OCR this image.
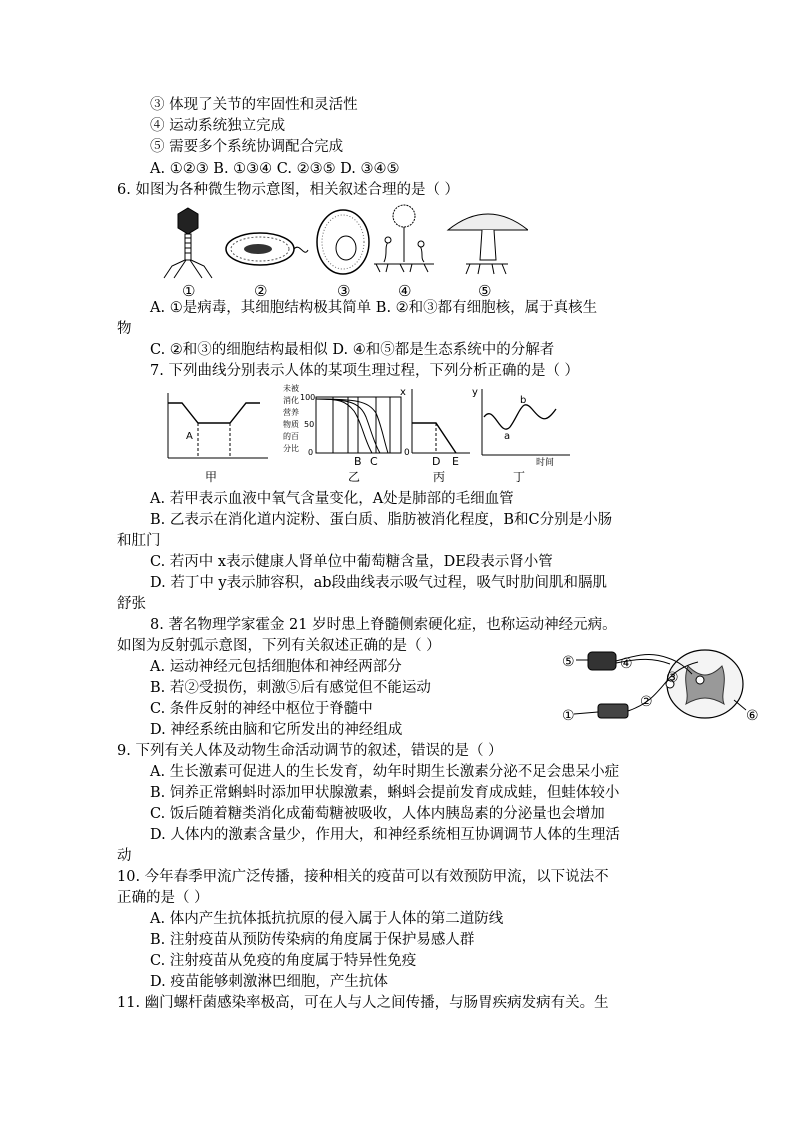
③ 体现了关节的牢固性和灵活性
④ 运动系统独立完成
⑤ 需要多个系统协调配合完成
A. ①②③ B. ①③④ C. ②③⑤ D. ③④⑤
6. 如图为各种微生物示意图，相关叙述合理的是（ ）
①	②	③	④	⑤
A. ①是病毒，其细胞结构极其简单 B. ②和③都有细胞核，属于真核生
物
C. ②和③的细胞结构最相似 D. ④和⑤都是生态系统中的分解者
7. 下列曲线分别表示人体的某项生理过程，下列分析正确的是（ ）
A
甲
未被
消化
营养
物质
的百
分比
100
50
0
B C
乙
x
0
D E
丙
y
a
b
时间
丁
A. 若甲表示血液中氧气含量变化，A处是肺部的毛细血管
B. 乙表示在消化道内淀粉、蛋白质、脂肪被消化程度，B和C分别是小肠
和肛门
C. 若丙中 x表示健康人肾单位中葡萄糖含量，DE段表示肾小管
D. 若丁中 y表示肺容积，ab段曲线表示吸气过程，吸气时肋间肌和膈肌
舒张
8. 著名物理学家霍金 21 岁时患上脊髓侧索硬化症，也称运动神经元病。
如图为反射弧示意图，下列有关叙述正确的是（ ）
A. 运动神经元包括细胞体和神经两部分
B. 若②受损伤，刺激⑤后有感觉但不能运动
C. 条件反射的神经中枢位于脊髓中
D. 神经系统由脑和它所发出的神经组成
⑤	④
③
②
①	⑥
9. 下列有关人体及动物生命活动调节的叙述，错误的是（ ）
A. 生长激素可促进人的生长发育，幼年时期生长激素分泌不足会患呆小症
B. 饲养正常蝌蚪时添加甲状腺激素，蝌蚪会提前发育成成蛙，但蛙体较小
C. 饭后随着糖类消化成葡萄糖被吸收，人体内胰岛素的分泌量也会增加
D. 人体内的激素含量少，作用大，和神经系统相互协调调节人体的生理活
动
10. 今年春季甲流广泛传播，接种相关的疫苗可以有效预防甲流，以下说法不
正确的是（ ）
A. 体内产生抗体抵抗抗原的侵入属于人体的第二道防线
B. 注射疫苗从预防传染病的角度属于保护易感人群
C. 注射疫苗从免疫的角度属于特异性免疫
D. 疫苗能够刺激淋巴细胞，产生抗体
11. 幽门螺杆菌感染率极高，可在人与人之间传播，与肠胃疾病发病有关。生
